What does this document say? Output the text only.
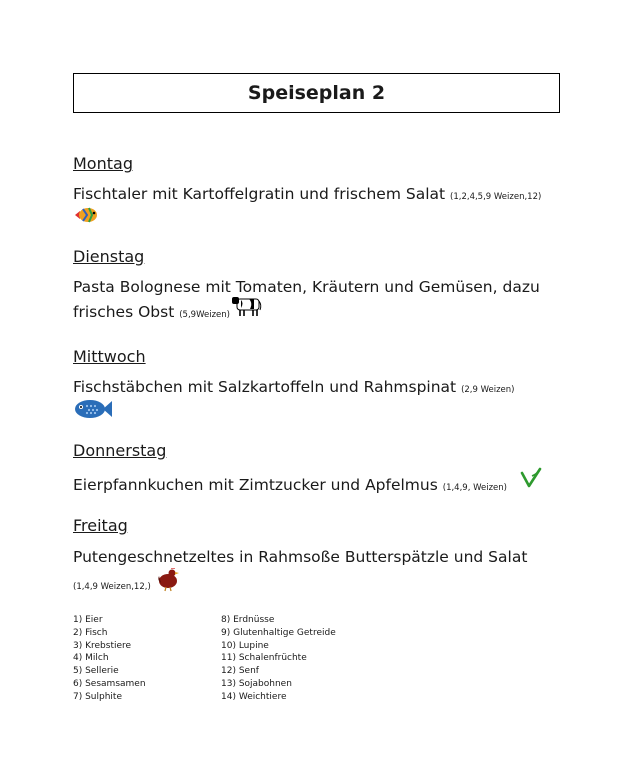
Speiseplan 2
Montag
Fischtaler mit Kartoffelgratin und frischem Salat (1,2,4,5,9 Weizen,12)
Dienstag
Pasta Bolognese mit Tomaten, Kräutern und Gemüsen, dazu
frisches Obst (5,9Weizen)
Mittwoch
Fischstäbchen mit Salzkartoffeln und Rahmspinat (2,9 Weizen)
Donnerstag
Eierpfannkuchen mit Zimtzucker und Apfelmus (1,4,9, Weizen)
Freitag
Putengeschnetzeltes in Rahmsoße Butterspätzle und Salat
(1,4,9 Weizen,12,)
1) Eier
2) Fisch
3) Krebstiere
4) Milch
5) Sellerie
6) Sesamsamen
7) Sulphite
8) Erdnüsse
9) Glutenhaltige Getreide
10) Lupine
11) Schalenfrüchte
12) Senf
13) Sojabohnen
14) Weichtiere
